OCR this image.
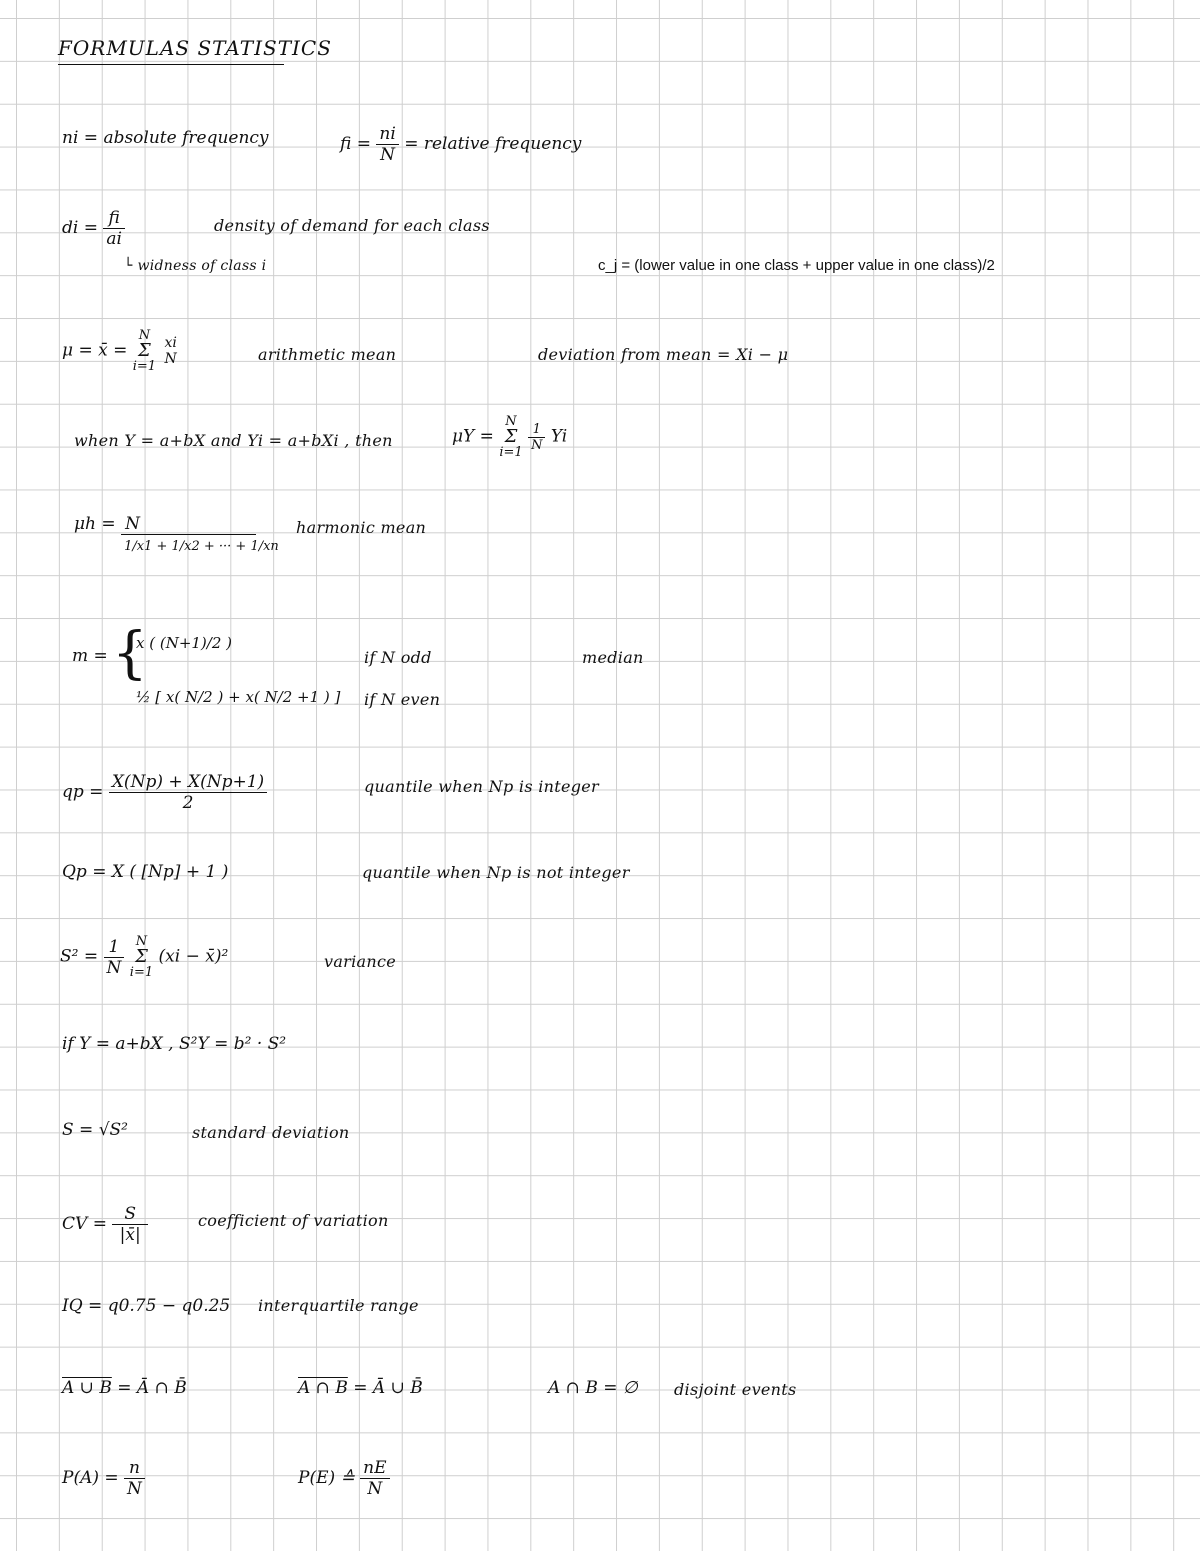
FORMULAS STATISTICS
ni = absolute frequency	fi = $\frac{ni}{N}$ = relative frequency
di = $\frac{fi}{ai}$	density of demand for each class
└ widness of class i	c_j = (lower value in one class + upper value in one class)/2
μ = x̄ =
N
Σ
i=1

xi
N	arithmetic mean	deviation from mean = Xi − μ
when Y = a+bX and Yi = a+bXi , then	μY =
N
Σ
i=1
$\frac{1}{N}$ Yi
$\mu h = \frac{N}{1/x1 + 1/x2 + \cdot\cdot\cdot + 1/xn}$ harmonic mean
m = {
x ( (N+1)/2 )
½ [ x( N/2 ) + x( N/2 +1 ) ]
if N odd
if N even
median
qp = $\frac{X(Np) + X(Np+1)}{2}$	quantile when Np is integer
Qp = X ( [Np] + 1 )	quantile when Np is not integer
$S^2 = \frac{1}{N}$
N
Σ
i=1
(xi − x̄)²	variance
if Y = a+bX , S²Y = b² · S²
S = √S²	standard deviation
CV = $\frac{S}{|x̄|}$	coefficient of variation
IQ = q0.75 − q0.25 interquartile range
A ∪ B = Ā ∩ B̄	A ∩ B = Ā ∪ B̄	A ∩ B = ∅ disjoint events
$P(A) = \frac{n}{N}$	P(E) ≙ $\frac{nE}{N}$
